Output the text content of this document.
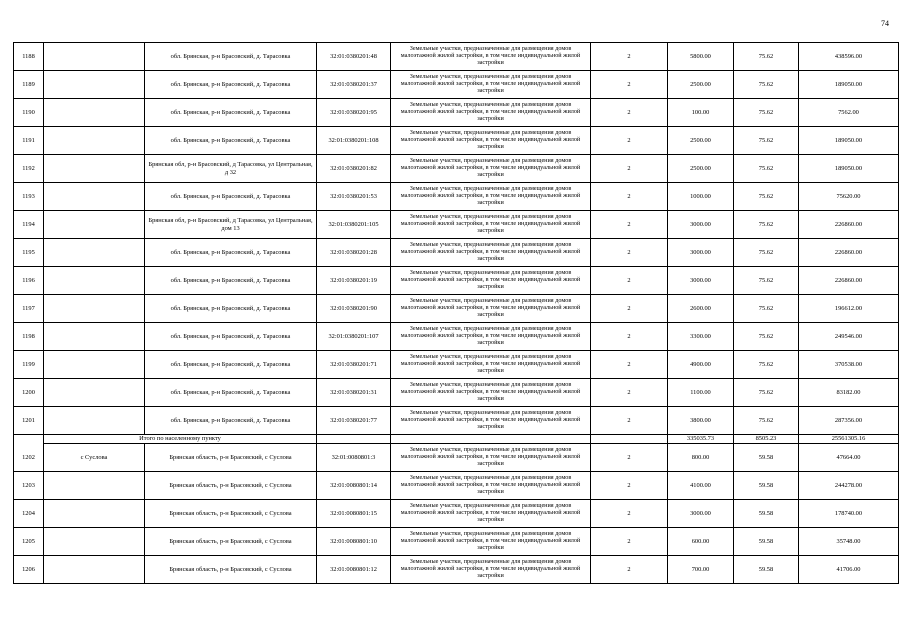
74
1188		обл. Брянская, р-н Брасовский, д. Тарасовка	32:01:0380201:48	Земельные участки, предназначенные для размещения домов малоэтажной жилой застройки, в том числе индивидуальной жилой застройки	2	5800.00	75.62	438596.00
1189		обл. Брянская, р-н Брасовский, д. Тарасовка	32:01:0380201:37	Земельные участки, предназначенные для размещения домов малоэтажной жилой застройки, в том числе индивидуальной жилой застройки	2	2500.00	75.62	189050.00
1190		обл. Брянская, р-н Брасовский, д. Тарасовка	32:01:0380201:95	Земельные участки, предназначенные для размещения домов малоэтажной жилой застройки, в том числе индивидуальной жилой застройки	2	100.00	75.62	7562.00
1191		обл. Брянская, р-н Брасовский, д. Тарасовка	32:01:0380201:108	Земельные участки, предназначенные для размещения домов малоэтажной жилой застройки, в том числе индивидуальной жилой застройки	2	2500.00	75.62	189050.00
1192		Брянская обл, р-н Брасовский, д Тарасовка, ул Центральная, д 32	32:01:0380201:82	Земельные участки, предназначенные для размещения домов малоэтажной жилой застройки, в том числе индивидуальной жилой застройки	2	2500.00	75.62	189050.00
1193		обл. Брянская, р-н Брасовский, д. Тарасовка	32:01:0380201:53	Земельные участки, предназначенные для размещения домов малоэтажной жилой застройки, в том числе индивидуальной жилой застройки	2	1000.00	75.62	75620.00
1194		Брянская обл, р-н Брасовский, д Тарасовка, ул Центральная, дом 13	32:01:0380201:105	Земельные участки, предназначенные для размещения домов малоэтажной жилой застройки, в том числе индивидуальной жилой застройки	2	3000.00	75.62	226860.00
1195		обл. Брянская, р-н Брасовский, д. Тарасовка	32:01:0380201:28	Земельные участки, предназначенные для размещения домов малоэтажной жилой застройки, в том числе индивидуальной жилой застройки	2	3000.00	75.62	226860.00
1196		обл. Брянская, р-н Брасовский, д. Тарасовка	32:01:0380201:19	Земельные участки, предназначенные для размещения домов малоэтажной жилой застройки, в том числе индивидуальной жилой застройки	2	3000.00	75.62	226860.00
1197		обл. Брянская, р-н Брасовский, д. Тарасовка	32:01:0380201:90	Земельные участки, предназначенные для размещения домов малоэтажной жилой застройки, в том числе индивидуальной жилой застройки	2	2600.00	75.62	196612.00
1198		обл. Брянская, р-н Брасовский, д. Тарасовка	32:01:0380201:107	Земельные участки, предназначенные для размещения домов малоэтажной жилой застройки, в том числе индивидуальной жилой застройки	2	3300.00	75.62	249546.00
1199		обл. Брянская, р-н Брасовский, д. Тарасовка	32:01:0380201:71	Земельные участки, предназначенные для размещения домов малоэтажной жилой застройки, в том числе индивидуальной жилой застройки	2	4900.00	75.62	370538.00
1200		обл. Брянская, р-н Брасовский, д. Тарасовка	32:01:0380201:31	Земельные участки, предназначенные для размещения домов малоэтажной жилой застройки, в том числе индивидуальной жилой застройки	2	1100.00	75.62	83182.00
1201		обл. Брянская, р-н Брасовский, д. Тарасовка	32:01:0380201:77	Земельные участки, предназначенные для размещения домов малоэтажной жилой застройки, в том числе индивидуальной жилой застройки	2	3800.00	75.62	287356.00
	Итого по населенному пункту					335035.73	8505.23	25561305.16
1202	с Суслова	Брянская область, р-н Брасовский, с Суслова	32:01:0080801:3	Земельные участки, предназначенные для размещения домов малоэтажной жилой застройки, в том числе индивидуальной жилой застройки	2	800.00	59.58	47664.00
1203		Брянская область, р-н Брасовский, с Суслова	32:01:0080801:14	Земельные участки, предназначенные для размещения домов малоэтажной жилой застройки, в том числе индивидуальной жилой застройки	2	4100.00	59.58	244278.00
1204		Брянская область, р-н Брасовский, с Суслова	32:01:0080801:15	Земельные участки, предназначенные для размещения домов малоэтажной жилой застройки, в том числе индивидуальной жилой застройки	2	3000.00	59.58	178740.00
1205		Брянская область, р-н Брасовский, с Суслова	32:01:0080801:10	Земельные участки, предназначенные для размещения домов малоэтажной жилой застройки, в том числе индивидуальной жилой застройки	2	600.00	59.58	35748.00
1206		Брянская область, р-н Брасовский, с Суслова	32:01:0080801:12	Земельные участки, предназначенные для размещения домов малоэтажной жилой застройки, в том числе индивидуальной жилой застройки	2	700.00	59.58	41706.00
